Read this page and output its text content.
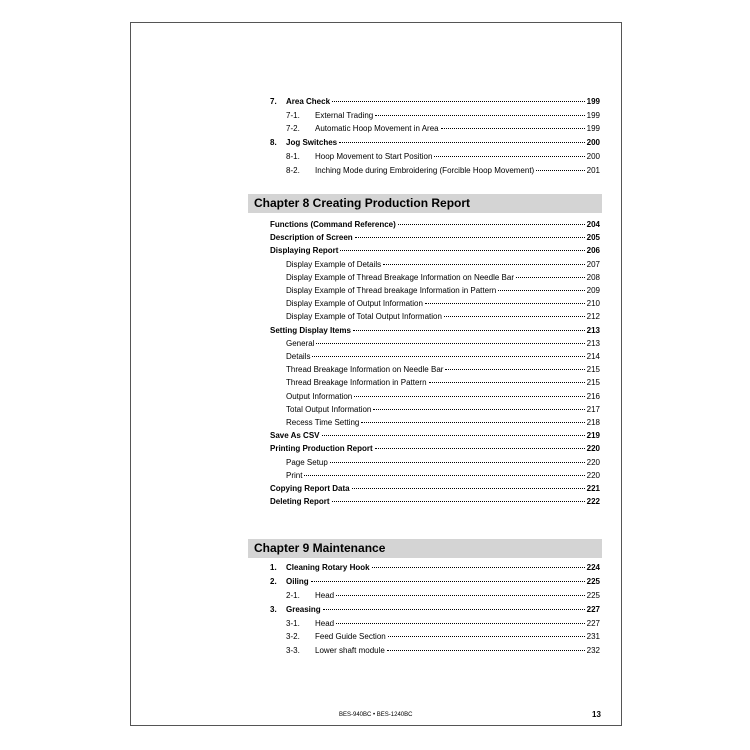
7.	Area Check	199
7-1.	External Trading	199
7-2.	Automatic Hoop Movement in Area	199
8.	Jog Switches	200
8-1.	Hoop Movement to Start Position	200
8-2.	Inching Mode during Embroidering (Forcible Hoop Movement)	201
Chapter 8 Creating Production Report
Functions (Command Reference)	204
Description of Screen	205
Displaying Report	206
Display Example of Details	207
Display Example of Thread Breakage Information on Needle Bar	208
Display Example of Thread breakage Information in Pattern	209
Display Example of Output Information	210
Display Example of Total Output Information	212
Setting Display Items	213
General	213
Details	214
Thread Breakage Information on Needle Bar	215
Thread Breakage Information in Pattern	215
Output Information	216
Total Output Information	217
Recess Time Setting	218
Save As CSV	219
Printing Production Report	220
Page Setup	220
Print	220
Copying Report Data	221
Deleting Report	222
Chapter 9 Maintenance
1.	Cleaning Rotary Hook	224
2.	Oiling	225
2-1.	Head	225
3.	Greasing	227
3-1.	Head	227
3-2.	Feed Guide Section	231
3-3.	Lower shaft module	232
BES-940BC • BES-1240BC	13
